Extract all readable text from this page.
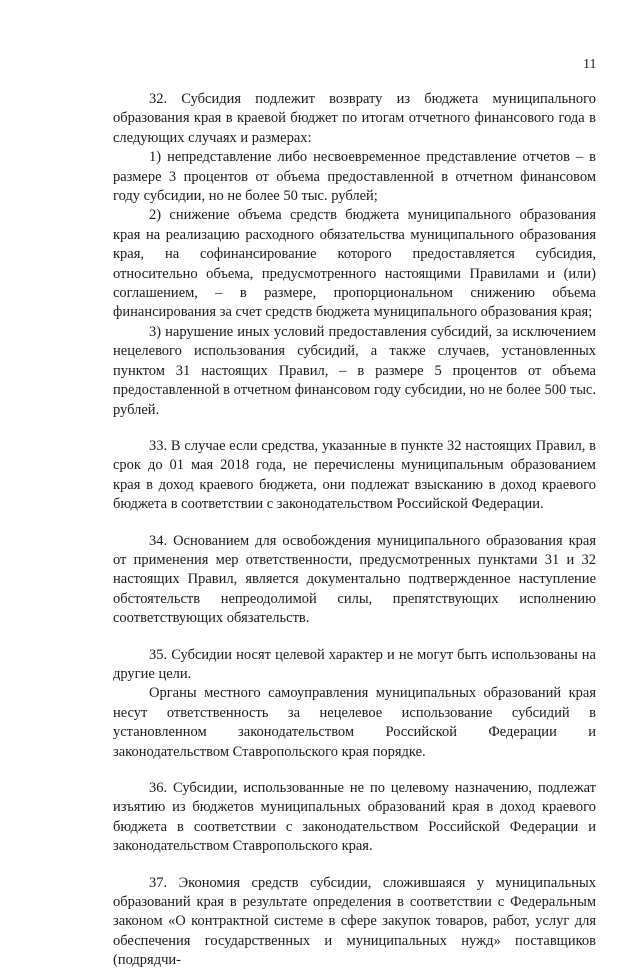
11

32. Субсидия подлежит возврату из бюджета муниципального образования края в краевой бюджет по итогам отчетного финансового года в следующих случаях и размерах:

1) непредставление либо несвоевременное представление отчетов – в размере 3 процентов от объема предоставленной в отчетном финансовом году субсидии, но не более 50 тыс. рублей;

2) снижение объема средств бюджета муниципального образования края на реализацию расходного обязательства муниципального образования края, на софинансирование которого предоставляется субсидия, относительно объема, предусмотренного настоящими Правилами и (или) соглашением, – в размере, пропорциональном снижению объема финансирования за счет средств бюджета муниципального образования края;

3) нарушение иных условий предоставления субсидий, за исключением нецелевого использования субсидий, а также случаев, установленных пунктом 31 настоящих Правил, – в размере 5 процентов от объема предоставленной в отчетном финансовом году субсидии, но не более 500 тыс. рублей.

33. В случае если средства, указанные в пункте 32 настоящих Правил, в срок до 01 мая 2018 года, не перечислены муниципальным образованием края в доход краевого бюджета, они подлежат взысканию в доход краевого бюджета в соответствии с законодательством Российской Федерации.

34. Основанием для освобождения муниципального образования края от применения мер ответственности, предусмотренных пунктами 31 и 32 настоящих Правил, является документально подтвержденное наступление обстоятельств непреодолимой силы, препятствующих исполнению соответствующих обязательств.

35. Субсидии носят целевой характер и не могут быть использованы на другие цели.

Органы местного самоуправления муниципальных образований края несут ответственность за нецелевое использование субсидий в установленном законодательством Российской Федерации и законодательством Ставропольского края порядке.

36. Субсидии, использованные не по целевому назначению, подлежат изъятию из бюджетов муниципальных образований края в доход краевого бюджета в соответствии с законодательством Российской Федерации и законодательством Ставропольского края.

37. Экономия средств субсидии, сложившаяся у муниципальных образований края в результате определения в соответствии с Федеральным законом «О контрактной системе в сфере закупок товаров, работ, услуг для обеспечения государственных и муниципальных нужд» поставщиков (подрядчи-
